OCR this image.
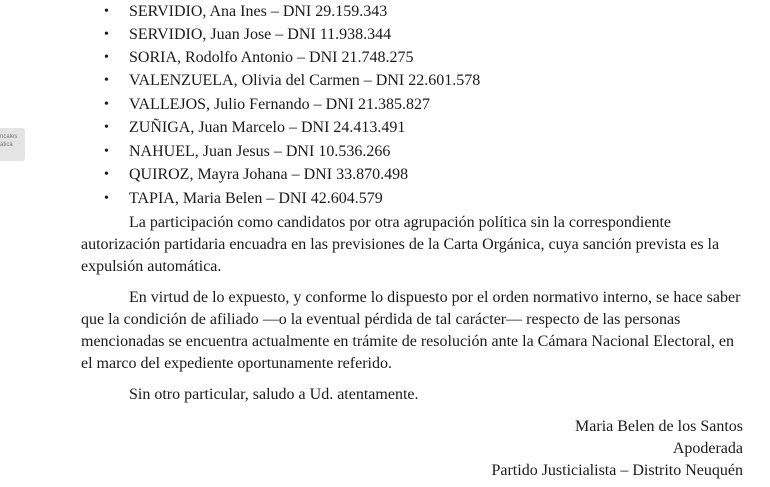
ncales
ática
• SERVIDIO, Ana Ines – DNI 29.159.343
• SERVIDIO, Juan Jose – DNI 11.938.344
• SORIA, Rodolfo Antonio – DNI 21.748.275
• VALENZUELA, Olivia del Carmen – DNI 22.601.578
• VALLEJOS, Julio Fernando – DNI 21.385.827
• ZUÑIGA, Juan Marcelo – DNI 24.413.491
• NAHUEL, Juan Jesus – DNI 10.536.266
• QUIROZ, Mayra Johana – DNI 33.870.498
• TAPIA, Maria Belen – DNI 42.604.579

La participación como candidatos por otra agrupación política sin la correspondiente autorización partidaria encuadra en las previsiones de la Carta Orgánica, cuya sanción prevista es la expulsión automática.

En virtud de lo expuesto, y conforme lo dispuesto por el orden normativo interno, se hace saber que la condición de afiliado —o la eventual pérdida de tal carácter— respecto de las personas mencionadas se encuentra actualmente en trámite de resolución ante la Cámara Nacional Electoral, en el marco del expediente oportunamente referido.

Sin otro particular, saludo a Ud. atentamente.

Maria Belen de los Santos
Apoderada
Partido Justicialista – Distrito Neuquén
